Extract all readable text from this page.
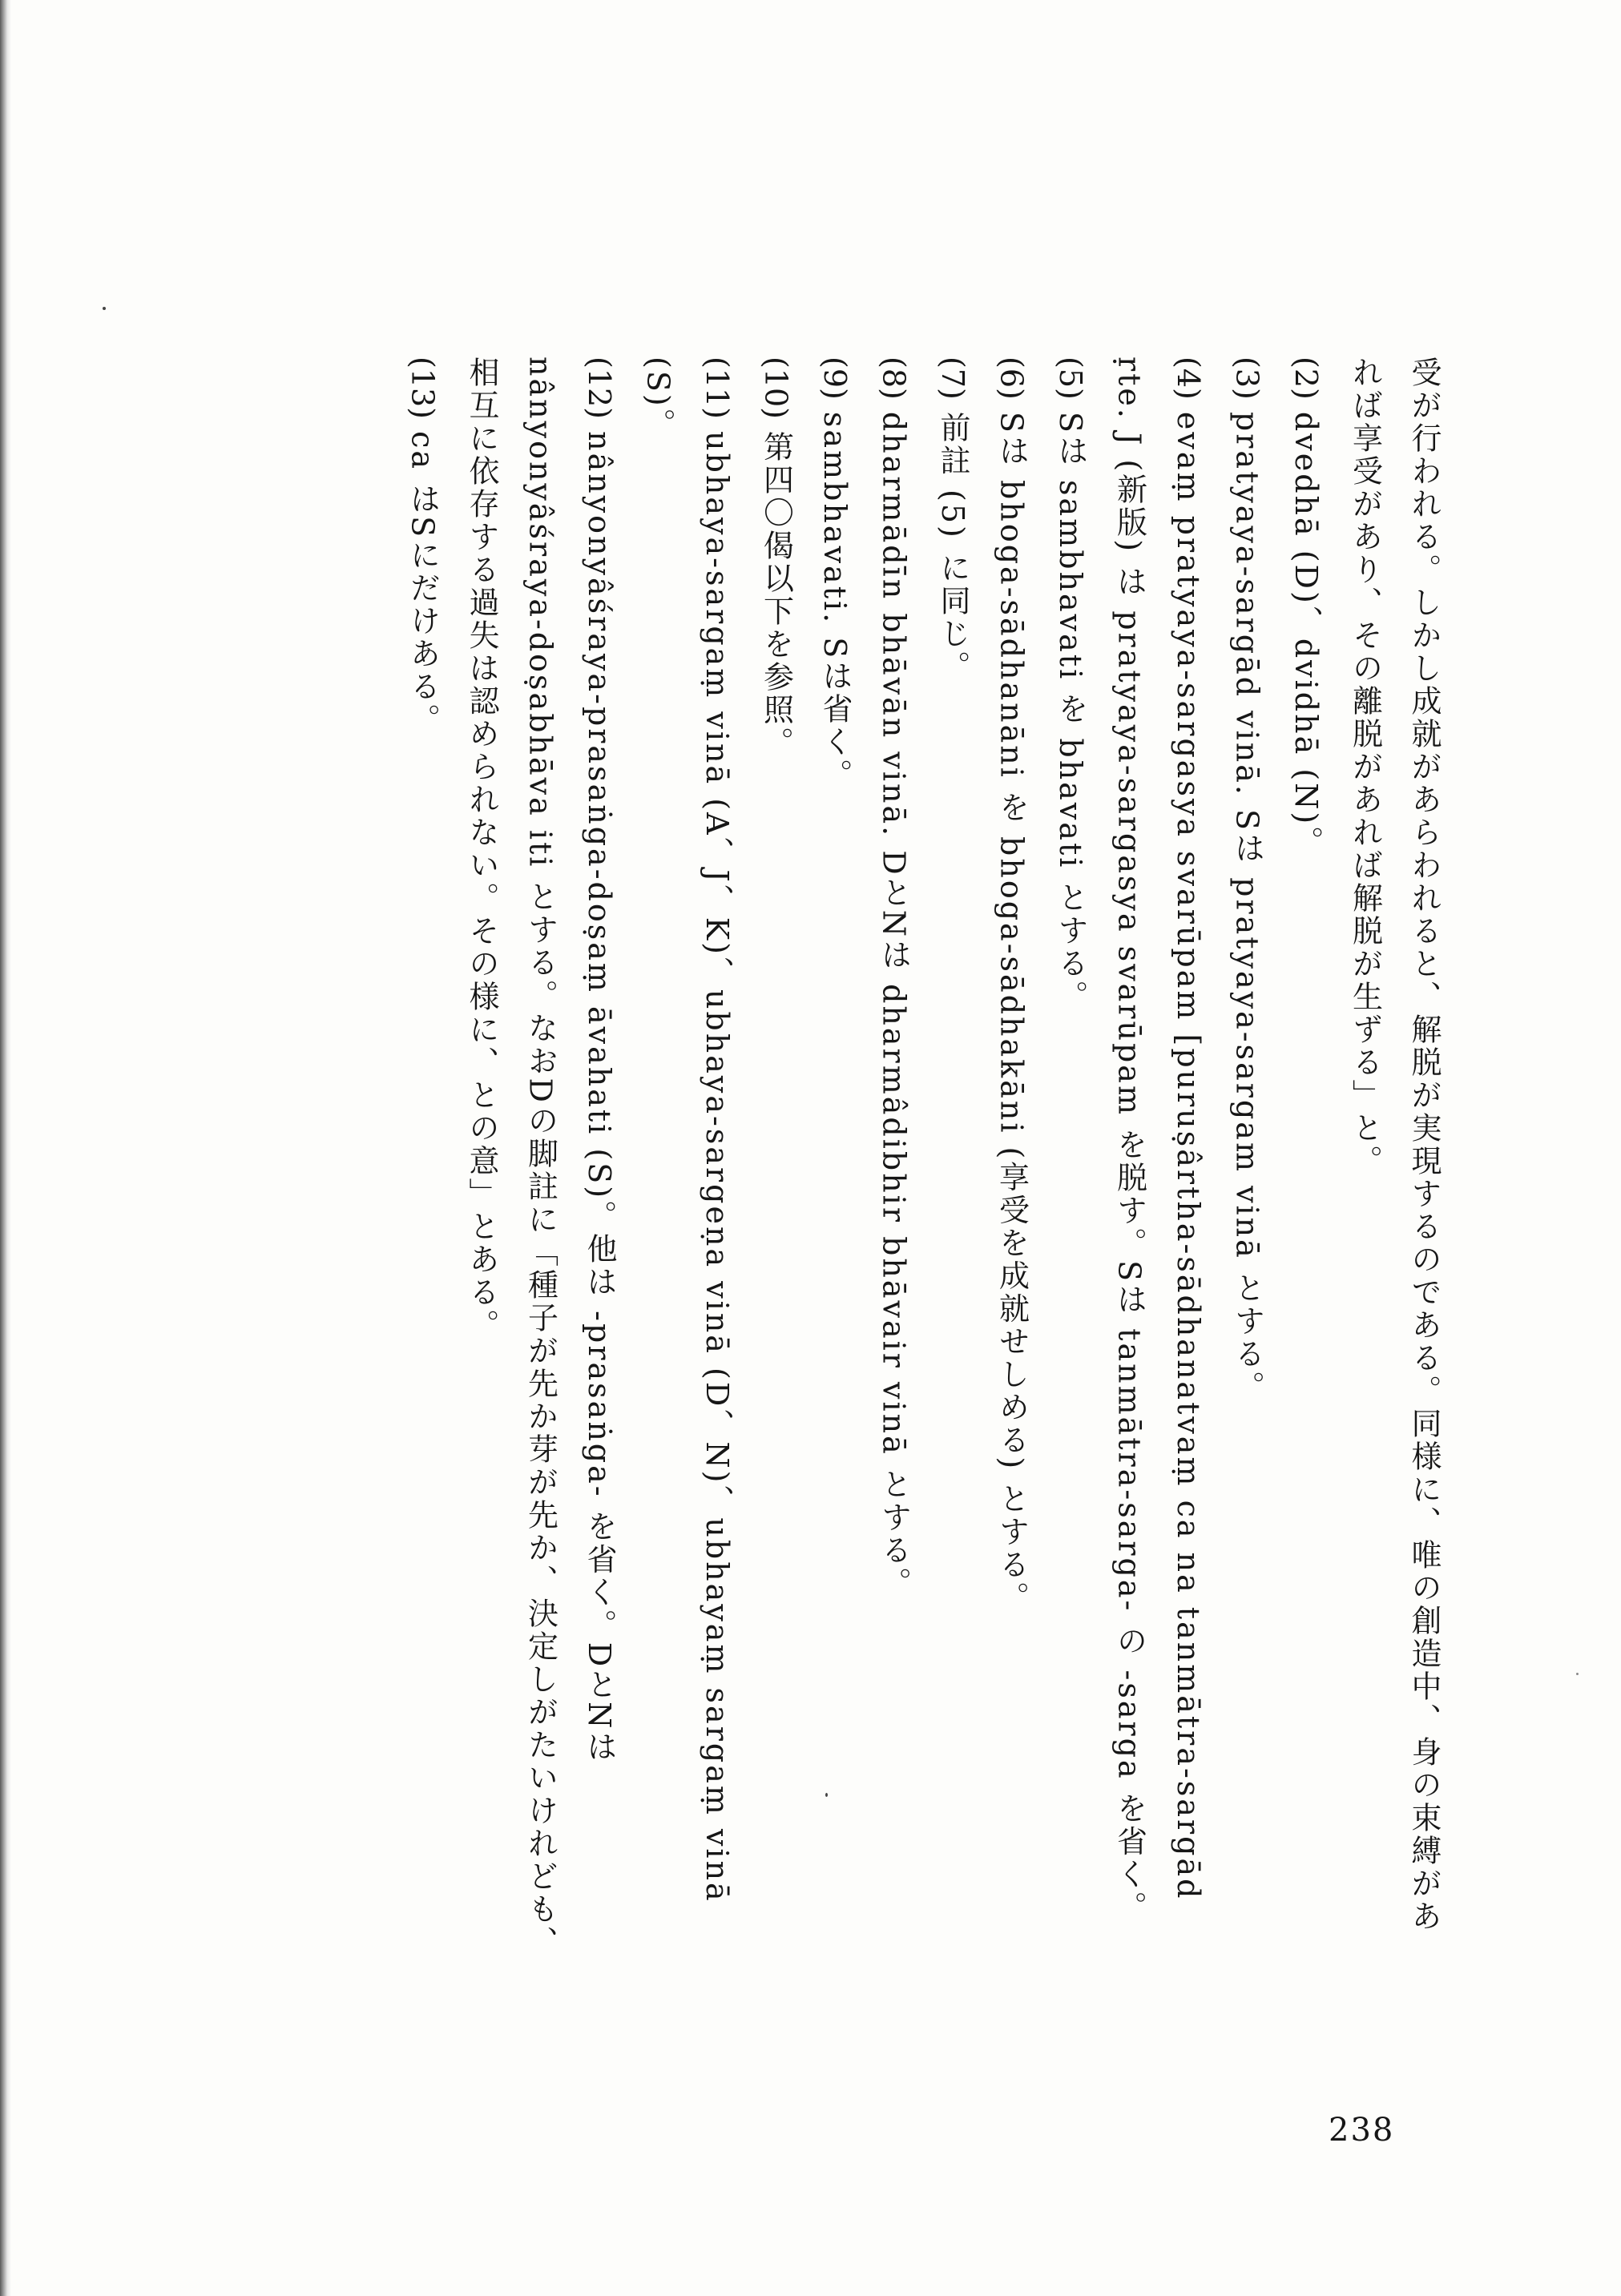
受が行われる。しかし成就があらわれると、解脱が実現するのである。同様に、唯の創造中、身の束縛があれば享受があり、その離脱があれば解脱が生ずる」と。

(2) dvedhā (D)、dvidhā (N)。

(3) pratyaya-sargād vinā. Sは pratyaya-sargam vinā とする。

(4) evaṃ pratyaya-sargasya svarūpam [puruṣârtha-sādhanatvaṃ ca na tanmātra-sargād ṛte. J (新版) は pratyaya-sargasya svarūpam を脱す。Sは tanmātra-sarga- の -sarga を省く。

(5) Sは sambhavati を bhavati とする。

(6) Sは bhoga-sādhanāni を bhoga-sādhakāni (享受を成就せしめる) とする。

(7) 前註 (5) に同じ。

(8) dharmādīn bhāvān vinā. DとNは dharmâdibhir bhāvair vinā とする。

(9) sambhavati. Sは省く。

(10) 第四〇偈以下を参照。

(11) ubhaya-sargaṃ vinā (A、J、K)、ubhaya-sargeṇa vinā (D、N)、ubhayaṃ sargaṃ vinā (S)。

(12) nânyonyâśraya-prasaṅga-doṣaṃ āvahati (S)。他は -prasaṅga- を省く。DとNは nânyonyâśraya-doṣabhāva iti とする。なおDの脚註に「種子が先か芽が先か、決定しがたいけれども、相互に依存する過失は認められない。その様に、との意」とある。

(13) ca はSにだけある。

238
